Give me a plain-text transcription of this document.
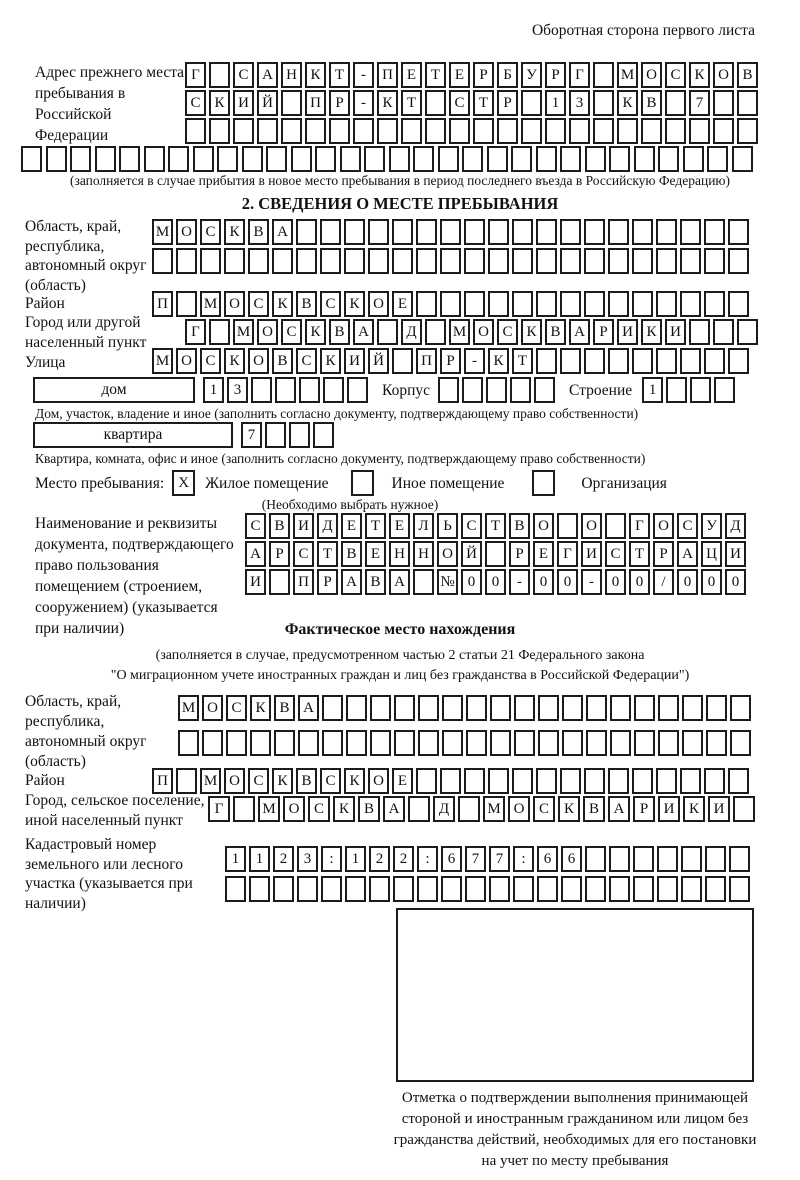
Оборотная сторона первого листа
Адрес прежнего места пребывания в Российской Федерации
Г	С А Н К Т	-	П Е Т Е	Р	Б У Р	Г	М О С К О В
С К И Й	П Р	-	К Т	С Т	Р	1	3	К В	7
(заполняется в случае прибытия в новое место пребывания в период последнего въезда в Российскую Федерацию)
2. СВЕДЕНИЯ О МЕСТЕ ПРЕБЫВАНИЯ
Область, край, республика, автономный округ (область)
М О С К В А
Район	П	М О С К В С К О Е
Город или другой населенный пункт
Г	М О С К В А	Д	М О С К В А Р И К И
Улица	М О С К О В С К И Й	П Р	-	К Т
дом	1	3	Корпус	Строение	1
Дом, участок, владение и иное (заполнить согласно документу, подтверждающему право собственности)
квартира	7
Квартира, комната, офис и иное (заполнить согласно документу, подтверждающему право собственности)
Место пребывания: X	Жилое помещение	Иное помещение	Организация
(Необходимо выбрать нужное)
Наименование и реквизиты документа, подтверждающего право пользования помещением (строением, сооружением) (указывается при наличии)
С В И Д Е Т Е Л Ь С Т В О	О	Г О С У Д
А Р С Т В Е Н Н О Й	Р	Е	Г И С Т	Р А Ц И
И	П Р А В А	№ 0	0	-	0	0	-	0	0	/	0	0	0
Фактическое место нахождения
(заполняется в случае, предусмотренном частью 2 статьи 21 Федерального закона
"О миграционном учете иностранных граждан и лиц без гражданства в Российской Федерации")
Область, край, республика, автономный округ (область)
М О С К В А
Район	П	М О С К В С К О Е
Город, сельское поселение, иной населенный пункт
Г	М О С К В А	Д	М О С К В А	Р	И К И
Кадастровый номер земельного или лесного участка (указывается при наличии)
1	1	2	3	:	1	2	2	:	6	7	7	:	6	6
Отметка о подтверждении выполнения принимающей стороной и иностранным гражданином или лицом без гражданства действий, необходимых для его постановки на учет по месту пребывания
